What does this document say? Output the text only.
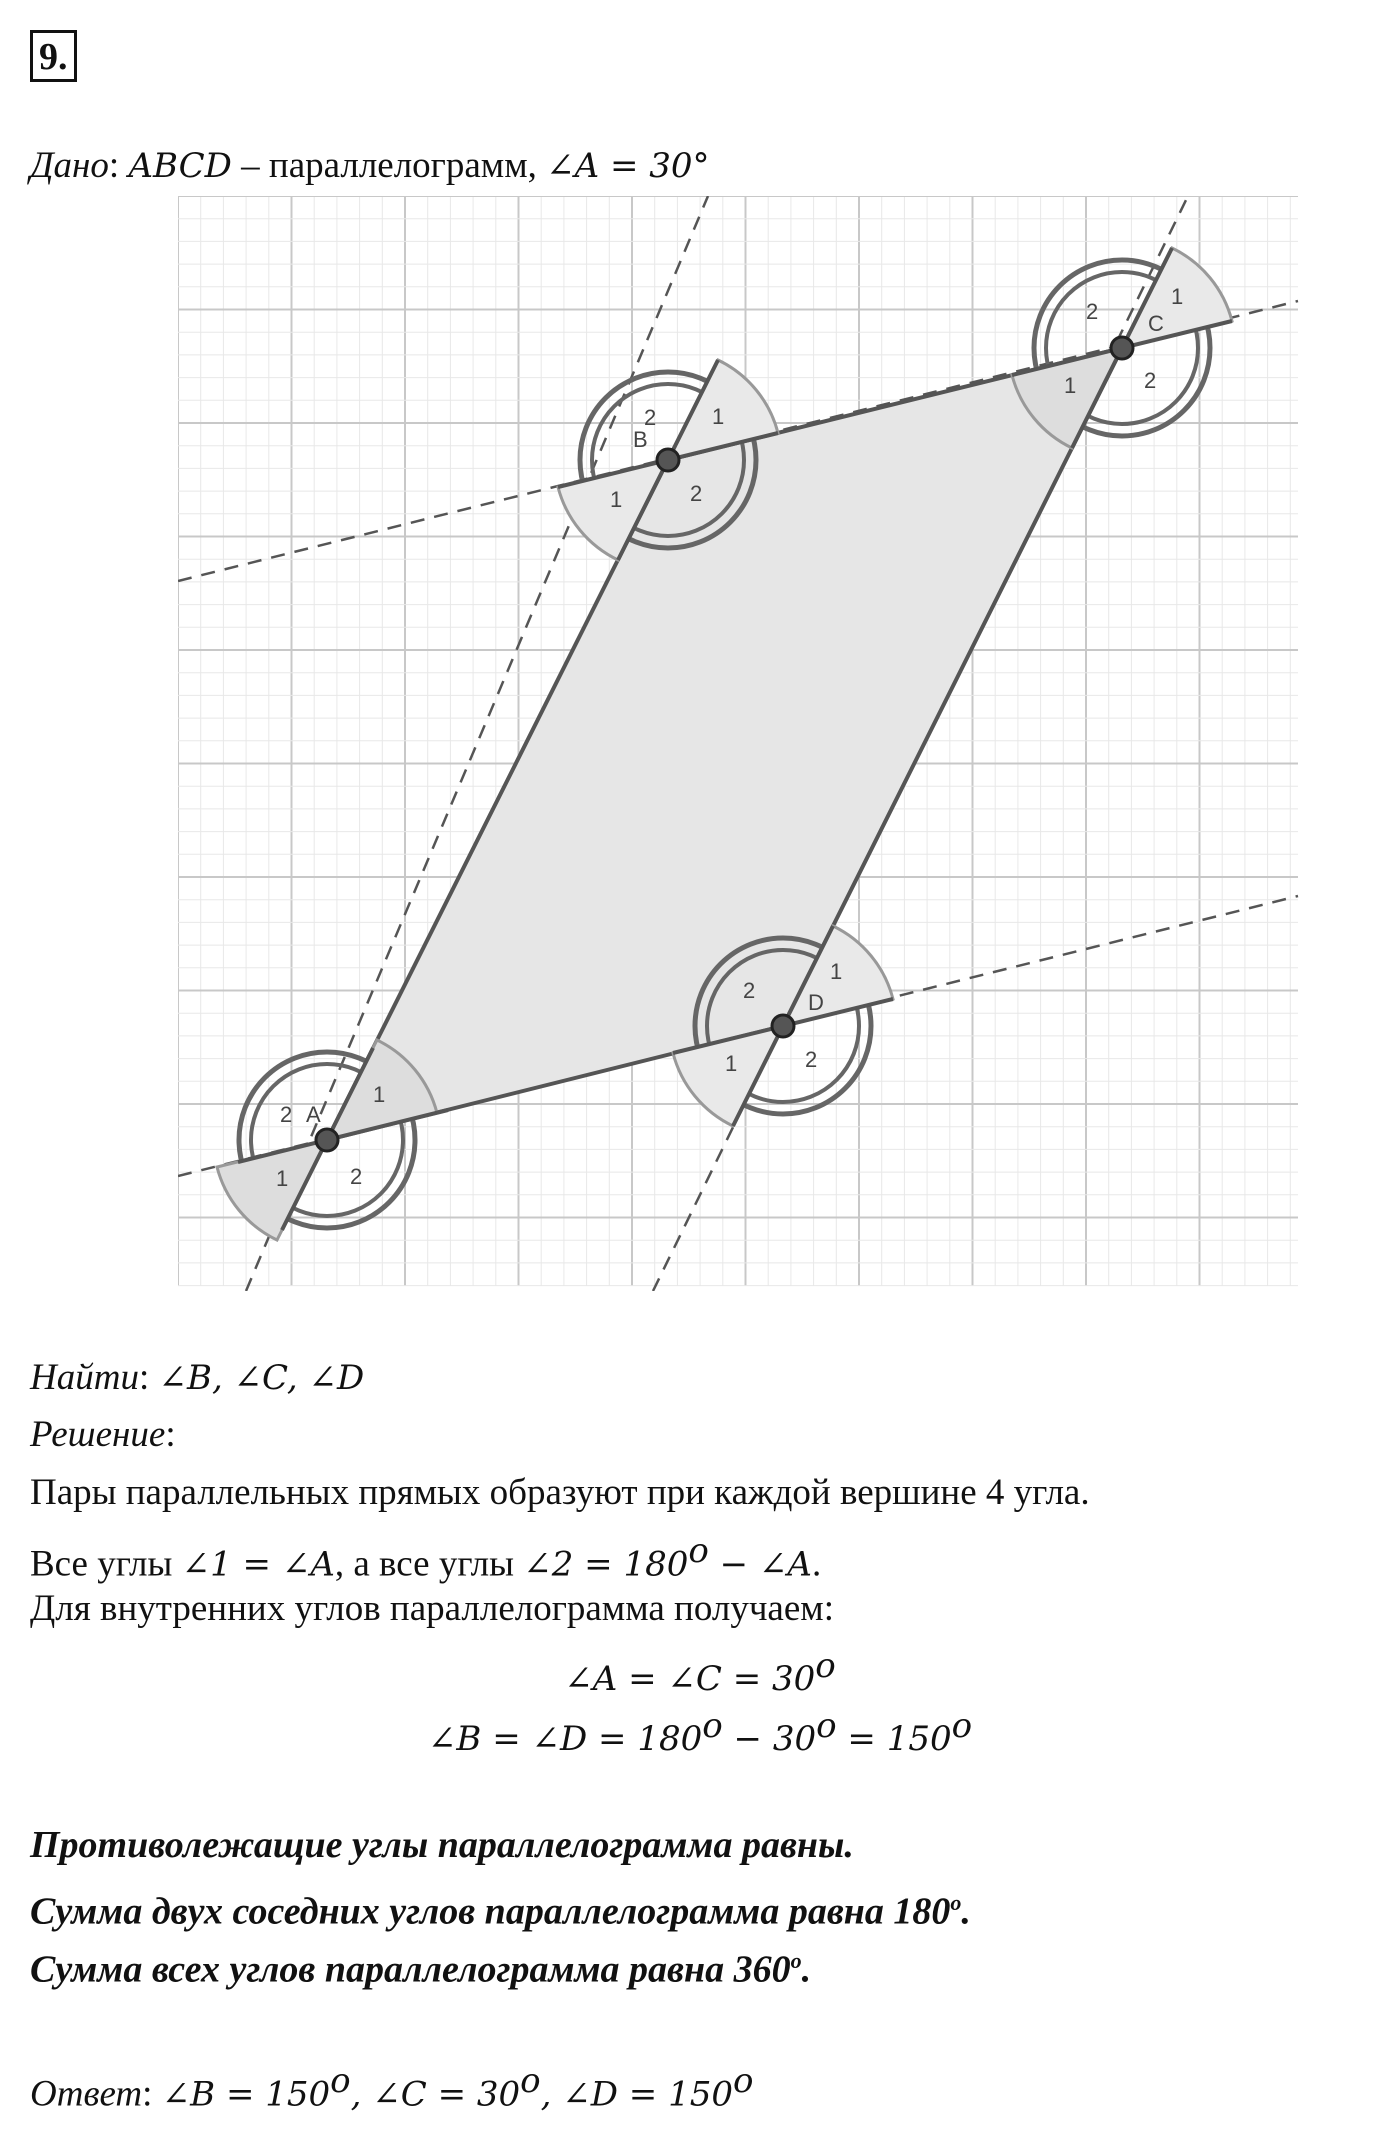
9.
Дано: ABCD – параллелограмм, ∠A = 30°
A
B
C
D
1
2
1	2
1
2
1	2
1
2
1	2
1
2
1	2
Найти: ∠B, ∠C, ∠D
Решение:
Пары параллельных прямых образуют при каждой вершине 4 угла.
Все углы ∠1 = ∠A, а все углы ∠2 = $180^o$ − ∠A.
Для внутренних углов параллелограмма получаем:
∠A = ∠C = $30^o$
∠B = ∠D = $180^o - 30^o = 150^o$
Противолежащие углы параллелограмма равны.
Сумма двух соседних углов параллелограмма равна 180$^o$.
Сумма всех углов параллелограмма равна 360$^o$.
Ответ: ∠B = $150^o$, ∠C = $30^o$, ∠D = $150^o$
